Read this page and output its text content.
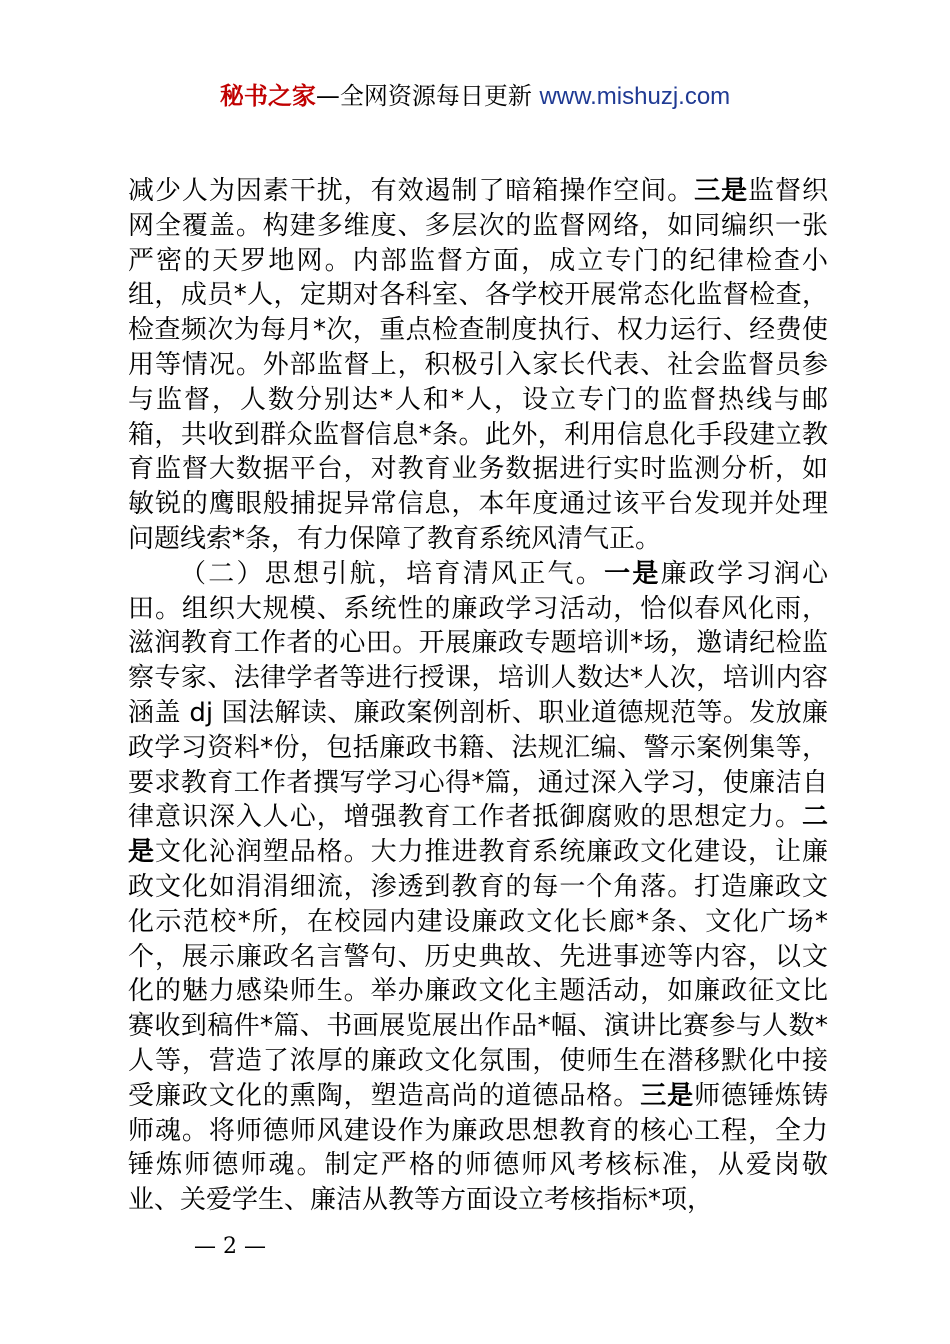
秘书之家—全网资源每日更新 www.mishuzj.com

减少人为因素干扰，有效遏制了暗箱操作空间。三是监督织网全覆盖。构建多维度、多层次的监督网络，如同编织一张严密的天罗地网。内部监督方面，成立专门的纪律检查小组，成员*人，定期对各科室、各学校开展常态化监督检查，检查频次为每月*次，重点检查制度执行、权力运行、经费使用等情况。外部监督上，积极引入家长代表、社会监督员参与监督，人数分别达*人和*人，设立专门的监督热线与邮箱，共收到群众监督信息*条。此外，利用信息化手段建立教育监督大数据平台，对教育业务数据进行实时监测分析，如敏锐的鹰眼般捕捉异常信息，本年度通过该平台发现并处理问题线索*条，有力保障了教育系统风清气正。

（二）思想引航，培育清风正气。一是廉政学习润心田。组织大规模、系统性的廉政学习活动，恰似春风化雨，滋润教育工作者的心田。开展廉政专题培训*场，邀请纪检监察专家、法律学者等进行授课，培训人数达*人次，培训内容涵盖 dj 国法解读、廉政案例剖析、职业道德规范等。发放廉政学习资料*份，包括廉政书籍、法规汇编、警示案例集等，要求教育工作者撰写学习心得*篇，通过深入学习，使廉洁自律意识深入人心，增强教育工作者抵御腐败的思想定力。二是文化沁润塑品格。大力推进教育系统廉政文化建设，让廉政文化如涓涓细流，渗透到教育的每一个角落。打造廉政文化示范校*所，在校园内建设廉政文化长廊*条、文化广场*个，展示廉政名言警句、历史典故、先进事迹等内容，以文化的魅力感染师生。举办廉政文化主题活动，如廉政征文比赛收到稿件*篇、书画展览展出作品*幅、演讲比赛参与人数*人等，营造了浓厚的廉政文化氛围，使师生在潜移默化中接受廉政文化的熏陶，塑造高尚的道德品格。三是师德锤炼铸师魂。将师德师风建设作为廉政思想教育的核心工程，全力锤炼师德师魂。制定严格的师德师风考核标准，从爱岗敬业、关爱学生、廉洁从教等方面设立考核指标*项，

— 2 —
